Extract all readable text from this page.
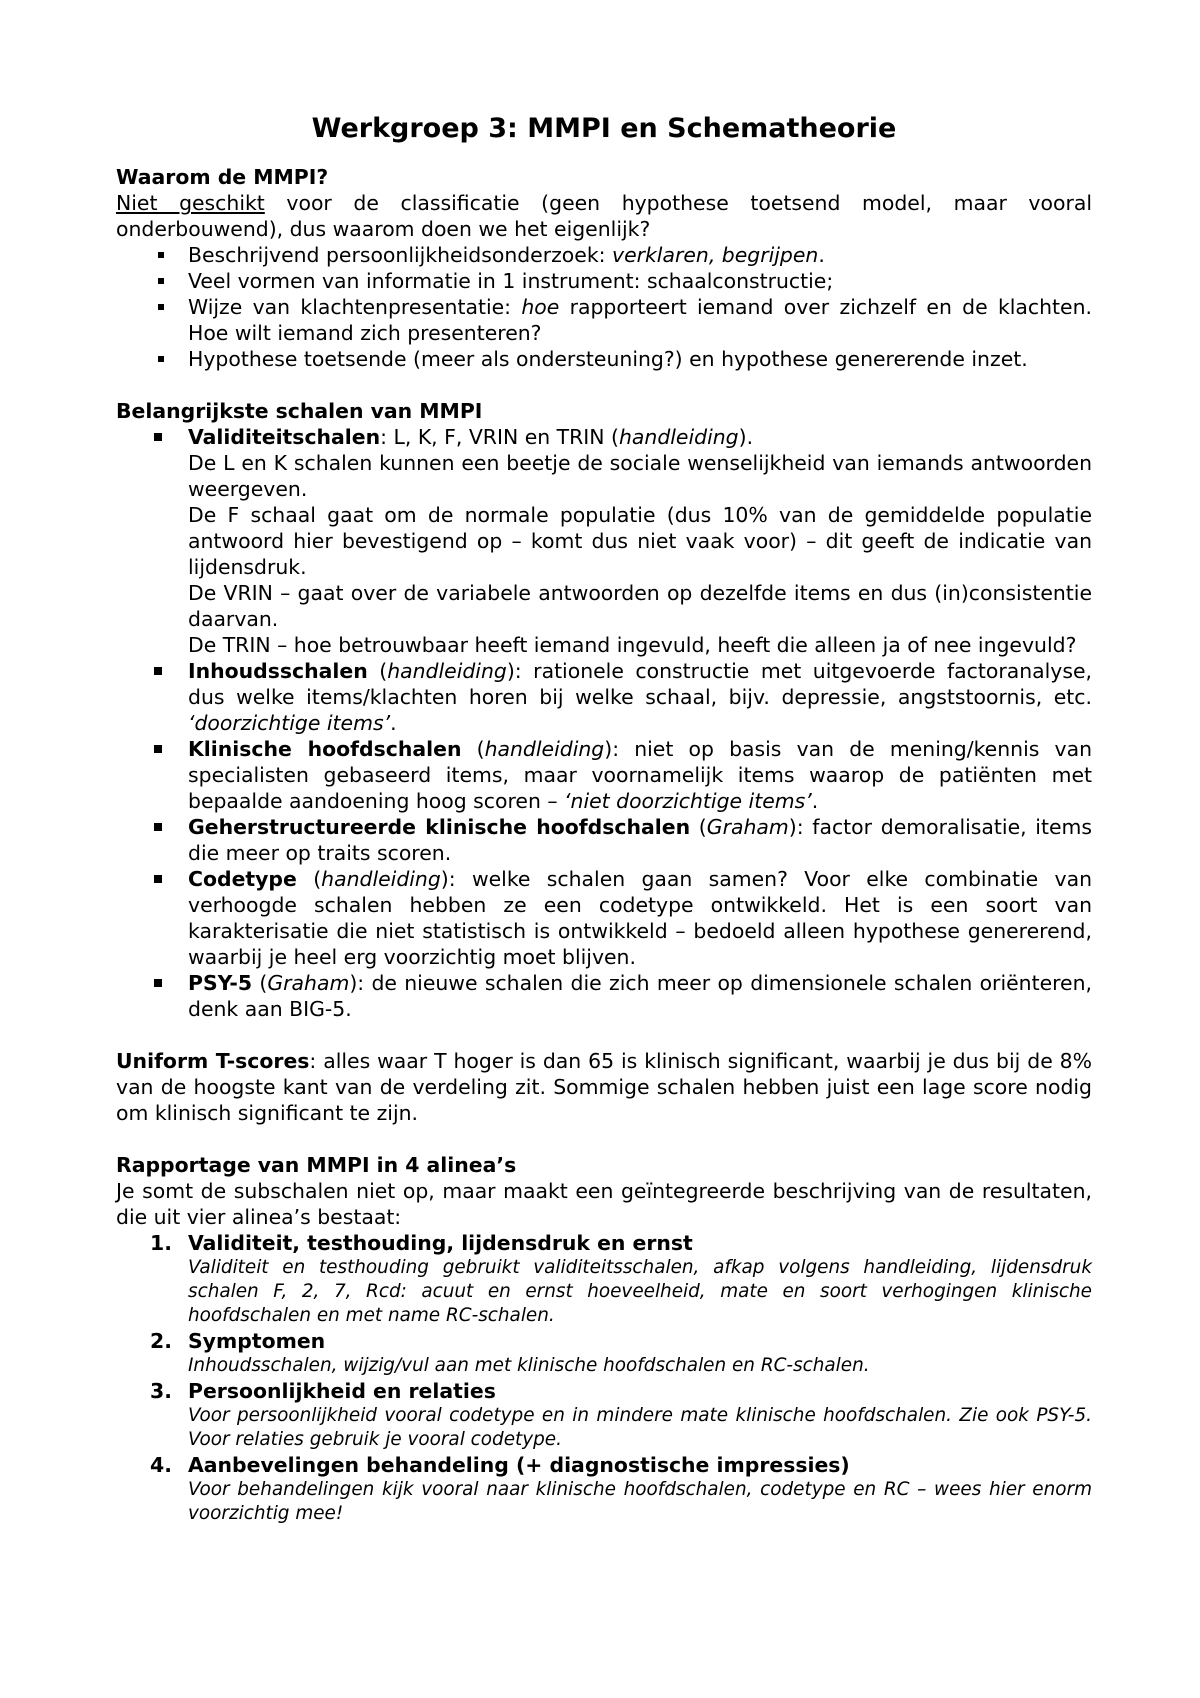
Werkgroep 3: MMPI en Schematheorie
Waarom de MMPI?

Niet geschikt voor de classificatie (geen hypothese toetsend model, maar vooral onderbouwend), dus waarom doen we het eigenlijk?

Beschrijvend persoonlijkheidsonderzoek: verklaren, begrijpen.
Veel vormen van informatie in 1 instrument: schaalconstructie;
Wijze van klachtenpresentatie: hoe rapporteert iemand over zichzelf en de klachten. Hoe wilt iemand zich presenteren?
Hypothese toetsende (meer als ondersteuning?) en hypothese genererende inzet.
Belangrijkste schalen van MMPI
Validiteitschalen: L, K, F, VRIN en TRIN (handleiding).
De L en K schalen kunnen een beetje de sociale wenselijkheid van iemands antwoorden weergeven.
De F schaal gaat om de normale populatie (dus 10% van de gemiddelde populatie antwoord hier bevestigend op – komt dus niet vaak voor) – dit geeft de indicatie van lijdensdruk.
De VRIN – gaat over de variabele antwoorden op dezelfde items en dus (in)consistentie daarvan.
De TRIN – hoe betrouwbaar heeft iemand ingevuld, heeft die alleen ja of nee ingevuld?
Inhoudsschalen (handleiding): rationele constructie met uitgevoerde factoranalyse, dus welke items/klachten horen bij welke schaal, bijv. depressie, angststoornis, etc. ‘doorzichtige items’.
Klinische hoofdschalen (handleiding): niet op basis van de mening/kennis van specialisten gebaseerd items, maar voornamelijk items waarop de patiënten met bepaalde aandoening hoog scoren – ‘niet doorzichtige items’.
Geherstructureerde klinische hoofdschalen (Graham): factor demoralisatie, items die meer op traits scoren.
Codetype (handleiding): welke schalen gaan samen? Voor elke combinatie van verhoogde schalen hebben ze een codetype ontwikkeld. Het is een soort van karakterisatie die niet statistisch is ontwikkeld – bedoeld alleen hypothese genererend, waarbij je heel erg voorzichtig moet blijven.
PSY-5 (Graham): de nieuwe schalen die zich meer op dimensionele schalen oriënteren, denk aan BIG-5.

Uniform T-scores: alles waar T hoger is dan 65 is klinisch significant, waarbij je dus bij de 8% van de hoogste kant van de verdeling zit. Sommige schalen hebben juist een lage score nodig om klinisch significant te zijn.

Rapportage van MMPI in 4 alinea’s

Je somt de subschalen niet op, maar maakt een geïntegreerde beschrijving van de resultaten, die uit vier alinea’s bestaat:

1. Validiteit, testhouding, lijdensdruk en ernst
Validiteit en testhouding gebruikt validiteitsschalen, afkap volgens handleiding, lijdensdruk schalen F, 2, 7, Rcd: acuut en ernst hoeveelheid, mate en soort verhogingen klinische hoofdschalen en met name RC-schalen.
2. Symptomen
Inhoudsschalen, wijzig/vul aan met klinische hoofdschalen en RC-schalen.
3. Persoonlijkheid en relaties
Voor persoonlijkheid vooral codetype en in mindere mate klinische hoofdschalen. Zie ook PSY-5. Voor relaties gebruik je vooral codetype.
4. Aanbevelingen behandeling (+ diagnostische impressies)
Voor behandelingen kijk vooral naar klinische hoofdschalen, codetype en RC – wees hier enorm voorzichtig mee!
